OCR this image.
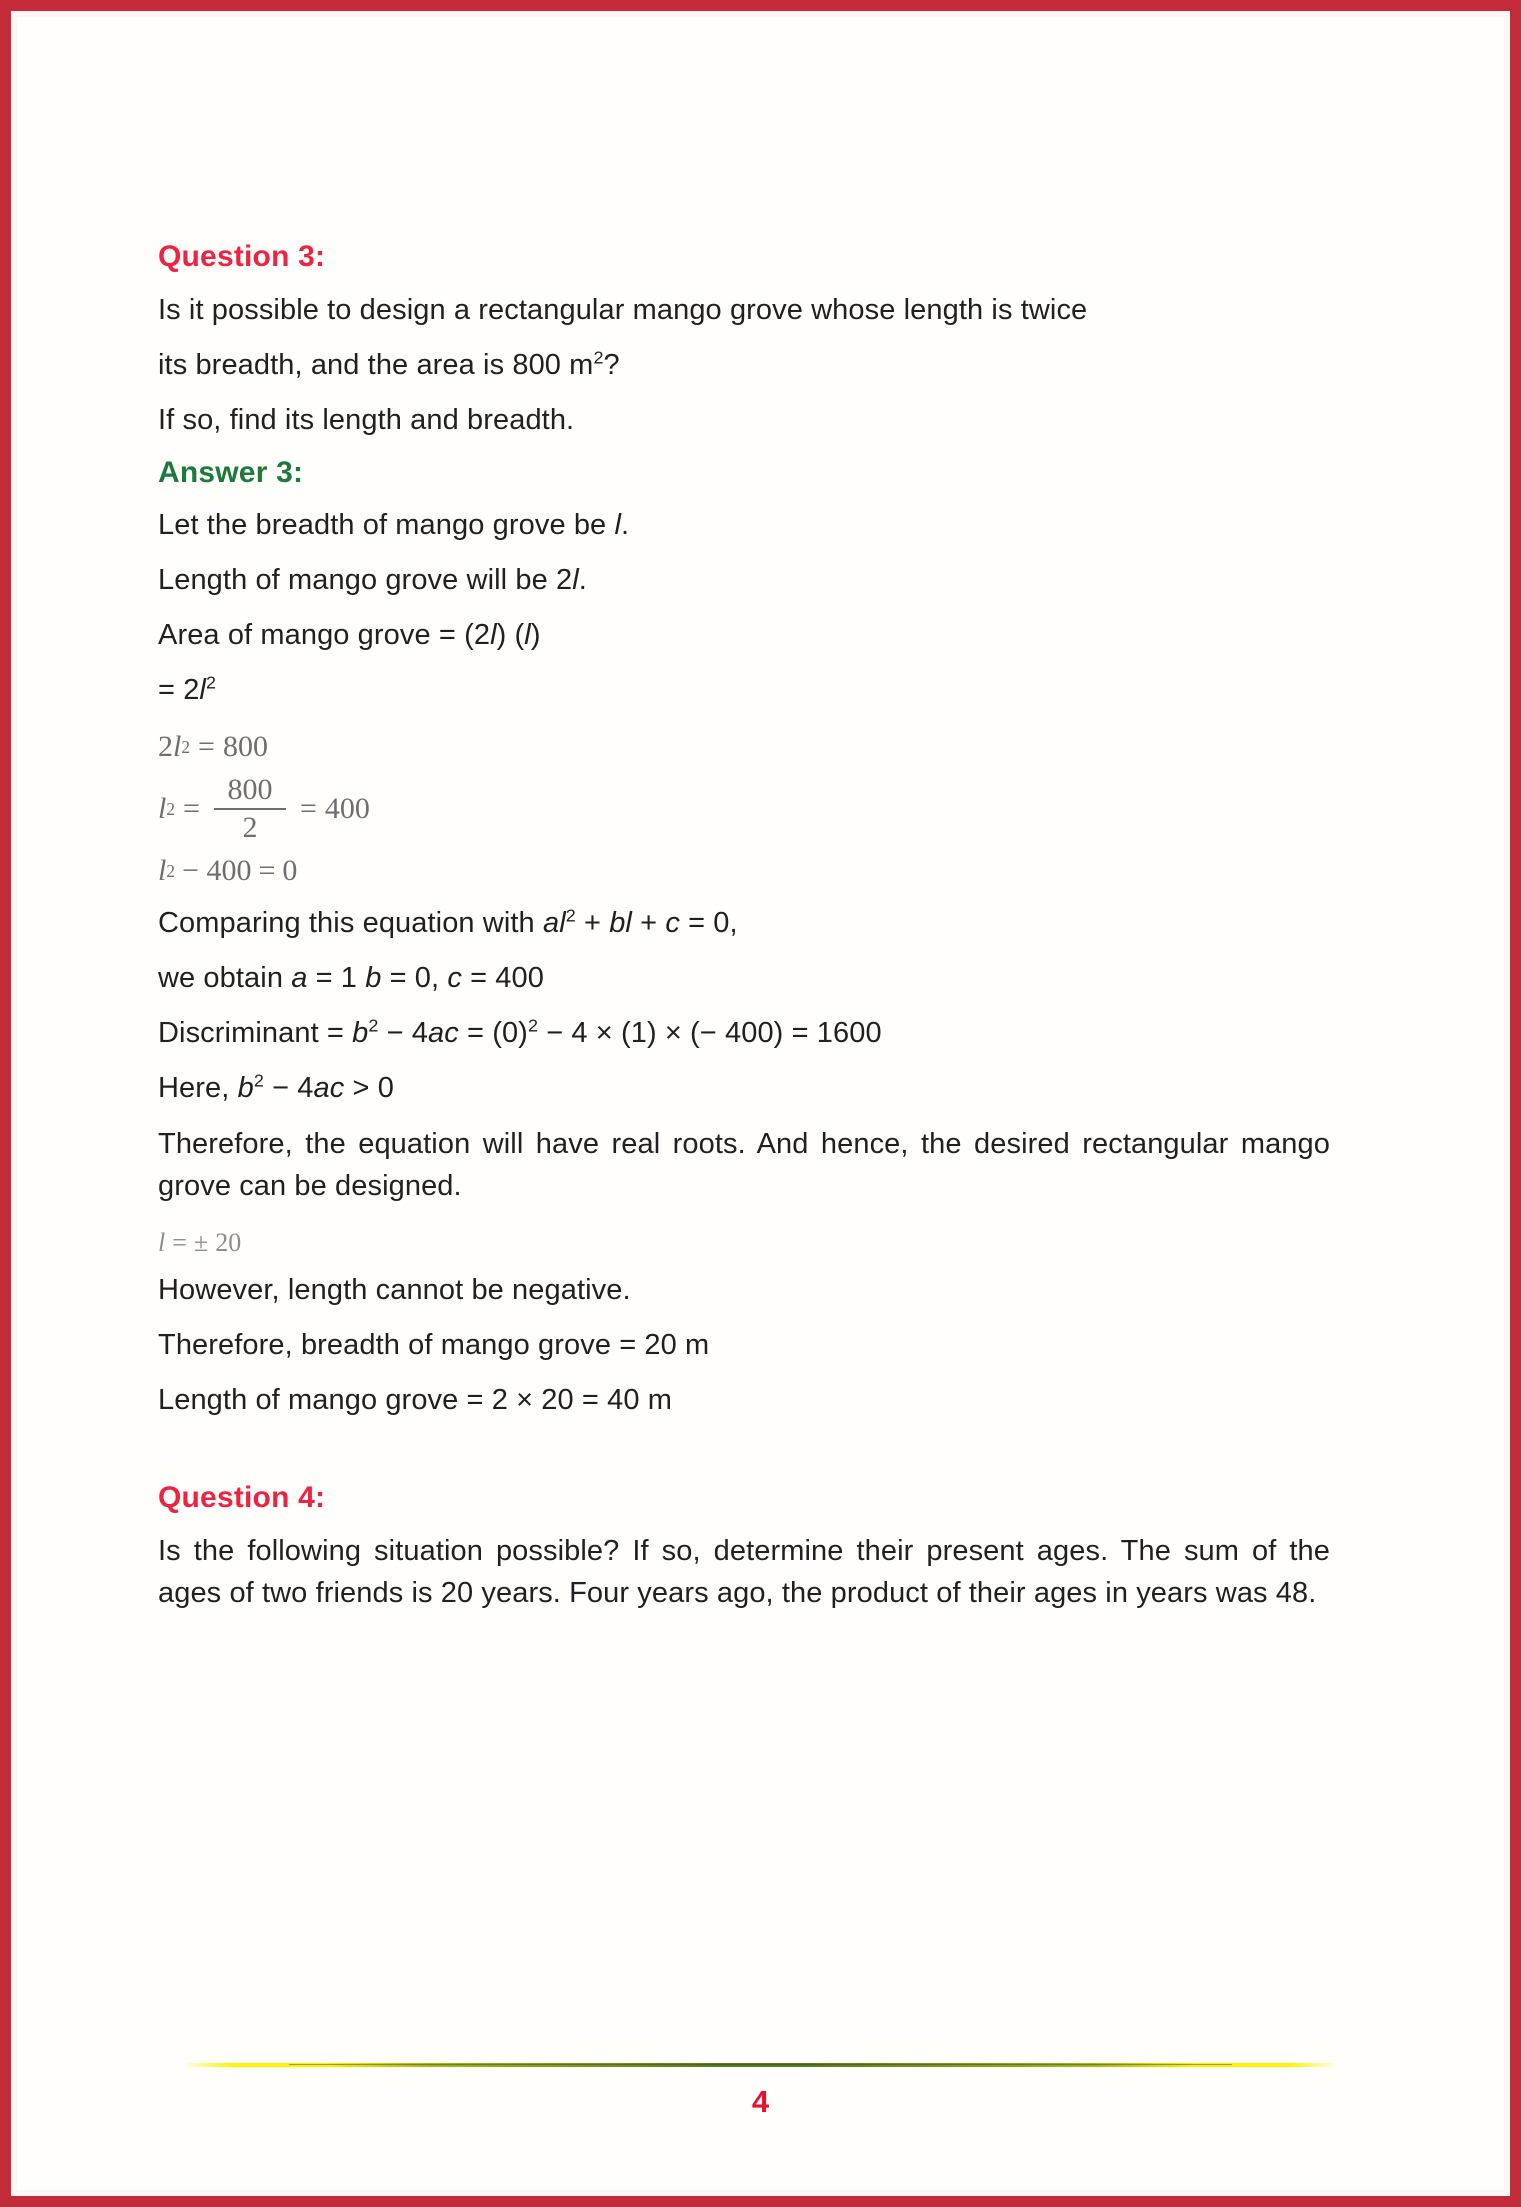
Question 3:
Is it possible to design a rectangular mango grove whose length is twice
its breadth, and the area is 800 $m^2$?
If so, find its length and breadth.
Answer 3:
Let the breadth of mango grove be l.
Length of mango grove will be 2l.
Area of mango grove = (2l) (l)
= $2l^2$
2 l 2 = 800
l $2 = \frac{800}{2} = 400$
l 2 − 400 = 0
Comparing this equation with $al^2$ + bl + c = 0,
we obtain a = 1 b = 0, c = 400
Discriminant = $b^2 - 4ac = (0)^2 - 4 \times (1)$ × (− 400) = 1600
Here, $b^2 - 4ac > 0$
Therefore, the equation will have real roots. And hence, the desired rectangular mango grove can be designed.
l = ± 20
However, length cannot be negative.
Therefore, breadth of mango grove = 20 m
Length of mango grove = 2 × 20 = 40 m
Question 4:
Is the following situation possible? If so, determine their present ages. The sum of the ages of two friends is 20 years. Four years ago, the product of their ages in years was 48.
4
